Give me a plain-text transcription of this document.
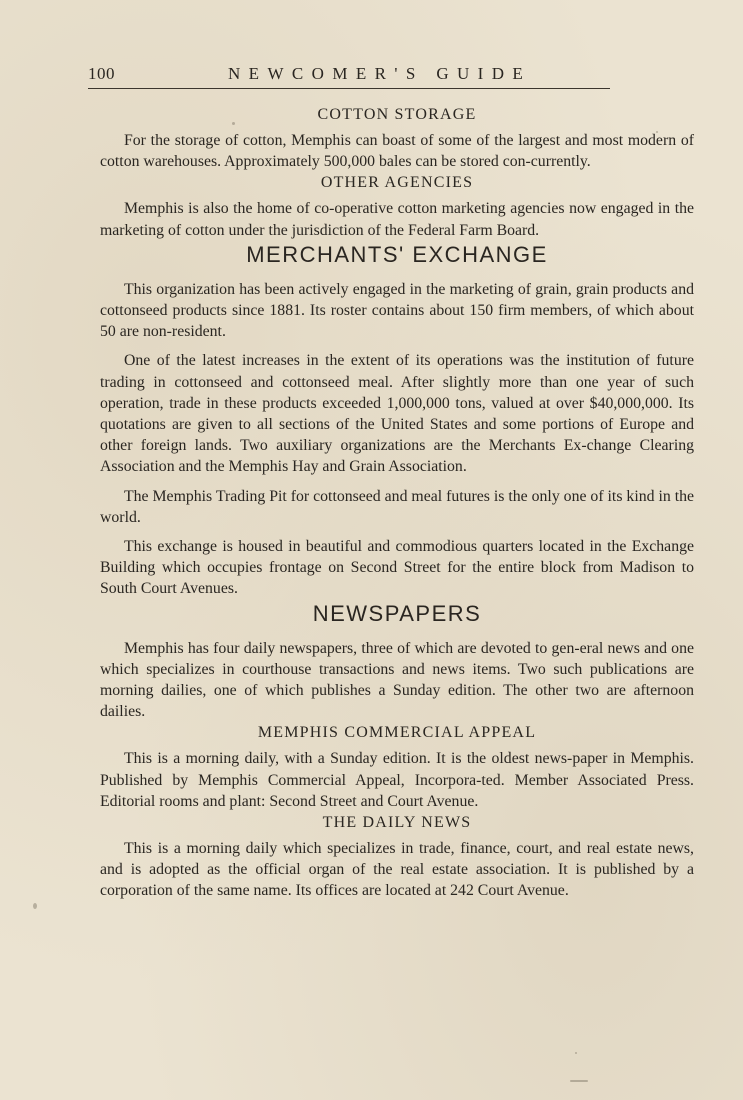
100	NEWCOMER'S GUIDE
COTTON STORAGE

For the storage of cotton, Memphis can boast of some of the largest and most modern of cotton warehouses. Approximately 500,000 bales can be stored con-currently.

OTHER AGENCIES

Memphis is also the home of co-operative cotton marketing agencies now engaged in the marketing of cotton under the jurisdiction of the Federal Farm Board.

MERCHANTS' EXCHANGE

This organization has been actively engaged in the marketing of grain, grain products and cottonseed products since 1881. Its roster contains about 150 firm members, of which about 50 are non-resident.

One of the latest increases in the extent of its operations was the institution of future trading in cottonseed and cottonseed meal. After slightly more than one year of such operation, trade in these products exceeded 1,000,000 tons, valued at over $40,000,000. Its quotations are given to all sections of the United States and some portions of Europe and other foreign lands. Two auxiliary organizations are the Merchants Ex-change Clearing Association and the Memphis Hay and Grain Association.

The Memphis Trading Pit for cottonseed and meal futures is the only one of its kind in the world.

This exchange is housed in beautiful and commodious quarters located in the Exchange Building which occupies frontage on Second Street for the entire block from Madison to South Court Avenues.

NEWSPAPERS

Memphis has four daily newspapers, three of which are devoted to gen-eral news and one which specializes in courthouse transactions and news items. Two such publications are morning dailies, one of which publishes a Sunday edition. The other two are afternoon dailies.

MEMPHIS COMMERCIAL APPEAL

This is a morning daily, with a Sunday edition. It is the oldest news-paper in Memphis. Published by Memphis Commercial Appeal, Incorpora-ted. Member Associated Press. Editorial rooms and plant: Second Street and Court Avenue.

THE DAILY NEWS

This is a morning daily which specializes in trade, finance, court, and real estate news, and is adopted as the official organ of the real estate association. It is published by a corporation of the same name. Its offices are located at 242 Court Avenue.
